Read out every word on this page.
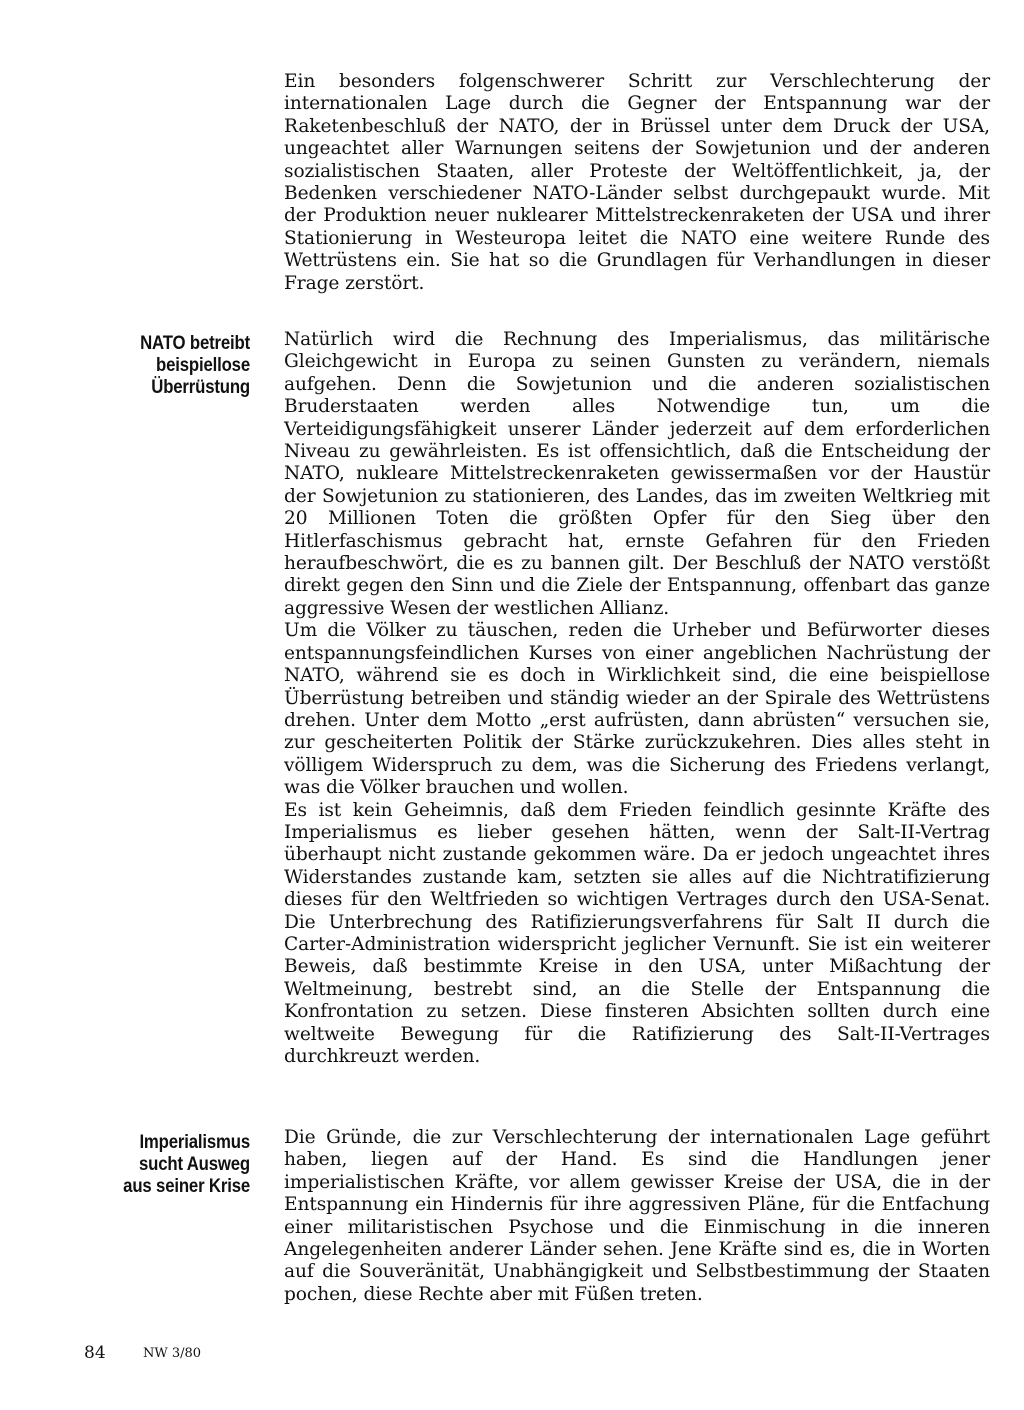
Ein besonders folgenschwerer Schritt zur Verschlechterung der internationalen Lage durch die Gegner der Entspannung war der Raketenbeschluß der NATO, der in Brüssel unter dem Druck der USA, ungeachtet aller Warnungen seitens der Sowjetunion und der anderen sozialistischen Staaten, aller Proteste der Weltöffentlichkeit, ja, der Bedenken verschiedener NATO-Länder selbst durchgepaukt wurde. Mit der Produktion neuer nuklearer Mittelstreckenraketen der USA und ihrer Stationierung in Westeuropa leitet die NATO eine weitere Runde des Wettrüstens ein. Sie hat so die Grundlagen für Verhandlungen in dieser Frage zerstört.

NATO betreibt
beispiellose
Überrüstung
Natürlich wird die Rechnung des Imperialismus, das militärische Gleichgewicht in Europa zu seinen Gunsten zu verändern, niemals aufgehen. Denn die Sowjetunion und die anderen sozialistischen Bruderstaaten werden alles Notwendige tun, um die Verteidigungsfähigkeit unserer Länder jederzeit auf dem erforderlichen Niveau zu gewährleisten. Es ist offensichtlich, daß die Entscheidung der NATO, nukleare Mittelstreckenraketen gewissermaßen vor der Haustür der Sowjetunion zu stationieren, des Landes, das im zweiten Weltkrieg mit 20 Millionen Toten die größten Opfer für den Sieg über den Hitlerfaschismus gebracht hat, ernste Gefahren für den Frieden heraufbeschwört, die es zu bannen gilt. Der Beschluß der NATO verstößt direkt gegen den Sinn und die Ziele der Entspannung, offenbart das ganze aggressive Wesen der westlichen Allianz.
Um die Völker zu täuschen, reden die Urheber und Befürworter dieses entspannungsfeindlichen Kurses von einer angeblichen Nachrüstung der NATO, während sie es doch in Wirklichkeit sind, die eine beispiellose Überrüstung betreiben und ständig wieder an der Spirale des Wettrüstens drehen. Unter dem Motto „erst aufrüsten, dann abrüsten“ versuchen sie, zur gescheiterten Politik der Stärke zurückzukehren. Dies alles steht in völligem Widerspruch zu dem, was die Sicherung des Friedens verlangt, was die Völker brauchen und wollen.
Es ist kein Geheimnis, daß dem Frieden feindlich gesinnte Kräfte des Imperialismus es lieber gesehen hätten, wenn der Salt-II-Vertrag überhaupt nicht zustande gekommen wäre. Da er jedoch ungeachtet ihres Widerstandes zustande kam, setzten sie alles auf die Nichtratifizierung dieses für den Weltfrieden so wichtigen Vertrages durch den USA-Senat. Die Unterbrechung des Ratifizierungsverfahrens für Salt II durch die Carter-Administration widerspricht jeglicher Vernunft. Sie ist ein weiterer Beweis, daß bestimmte Kreise in den USA, unter Mißachtung der Weltmeinung, bestrebt sind, an die Stelle der Entspannung die Konfrontation zu setzen. Diese finsteren Absichten sollten durch eine weltweite Bewegung für die Ratifizierung des Salt-II-Vertrages durchkreuzt werden.
Imperialismus
sucht Ausweg
aus seiner Krise

Die Gründe, die zur Verschlechterung der internationalen Lage geführt haben, liegen auf der Hand. Es sind die Handlungen jener imperialistischen Kräfte, vor allem gewisser Kreise der USA, die in der Entspannung ein Hindernis für ihre aggressiven Pläne, für die Entfachung einer militaristischen Psychose und die Einmischung in die inneren Angelegenheiten anderer Länder sehen. Jene Kräfte sind es, die in Worten auf die Souveränität, Unabhängigkeit und Selbstbestimmung der Staaten pochen, diese Rechte aber mit Füßen treten.

84	NW 3/80
